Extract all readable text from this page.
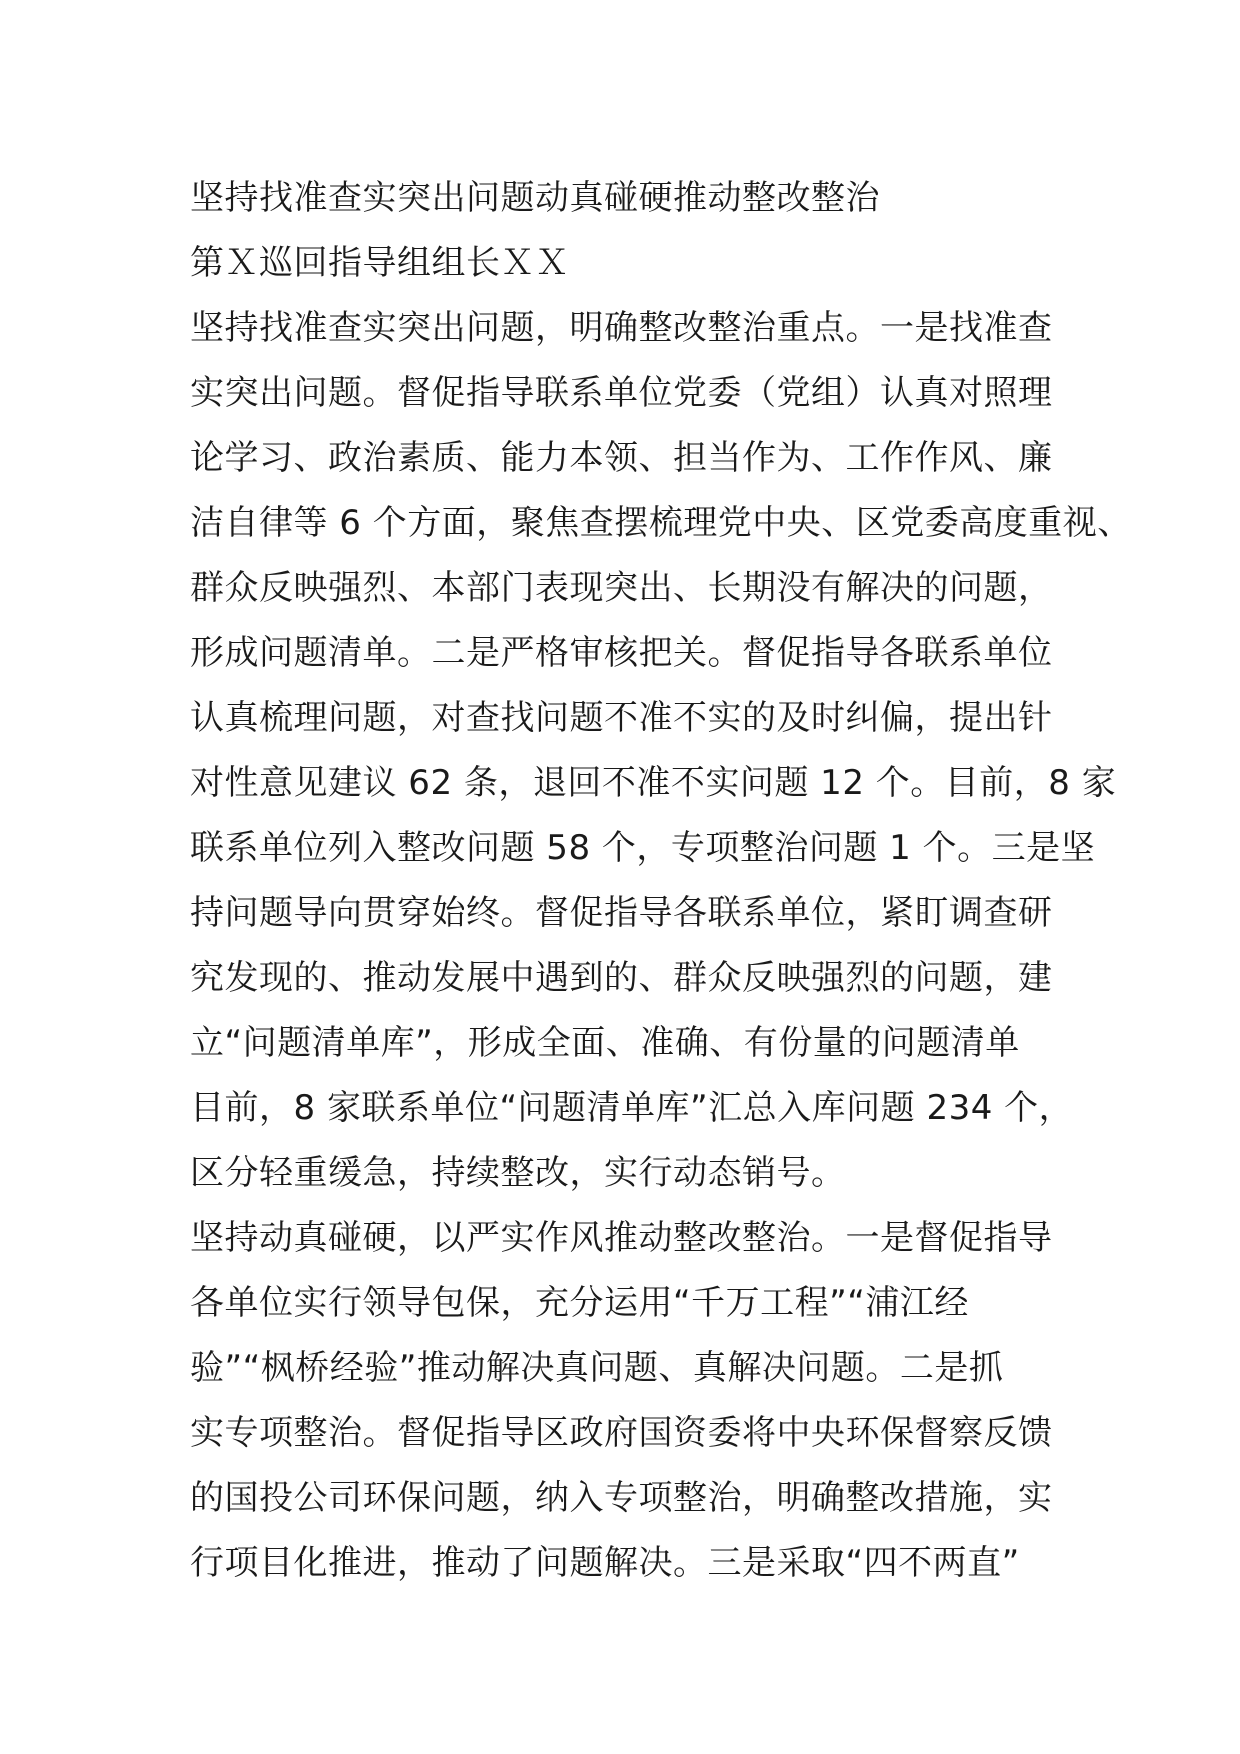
坚持找准查实突出问题动真碰硬推动整改整治
第Ｘ巡回指导组组长ＸＸ
坚持找准查实突出问题，明确整改整治重点。一是找准查
实突出问题。督促指导联系单位党委（党组）认真对照理
论学习、政治素质、能力本领、担当作为、工作作风、廉
洁自律等 6 个方面，聚焦查摆梳理党中央、区党委高度重视、
群众反映强烈、本部门表现突出、长期没有解决的问题，
形成问题清单。二是严格审核把关。督促指导各联系单位
认真梳理问题，对查找问题不准不实的及时纠偏，提出针
对性意见建议 62 条，退回不准不实问题 12 个。目前，8 家
联系单位列入整改问题 58 个，专项整治问题 1 个。三是坚
持问题导向贯穿始终。督促指导各联系单位，紧盯调查研
究发现的、推动发展中遇到的、群众反映强烈的问题，建
立“问题清单库”，形成全面、准确、有份量的问题清单
目前，8 家联系单位“问题清单库”汇总入库问题 234 个，
区分轻重缓急，持续整改，实行动态销号。
坚持动真碰硬，以严实作风推动整改整治。一是督促指导
各单位实行领导包保，充分运用“千万工程”“浦江经
验”“枫桥经验”推动解决真问题、真解决问题。二是抓
实专项整治。督促指导区政府国资委将中央环保督察反馈
的国投公司环保问题，纳入专项整治，明确整改措施，实
行项目化推进，推动了问题解决。三是采取“四不两直”
